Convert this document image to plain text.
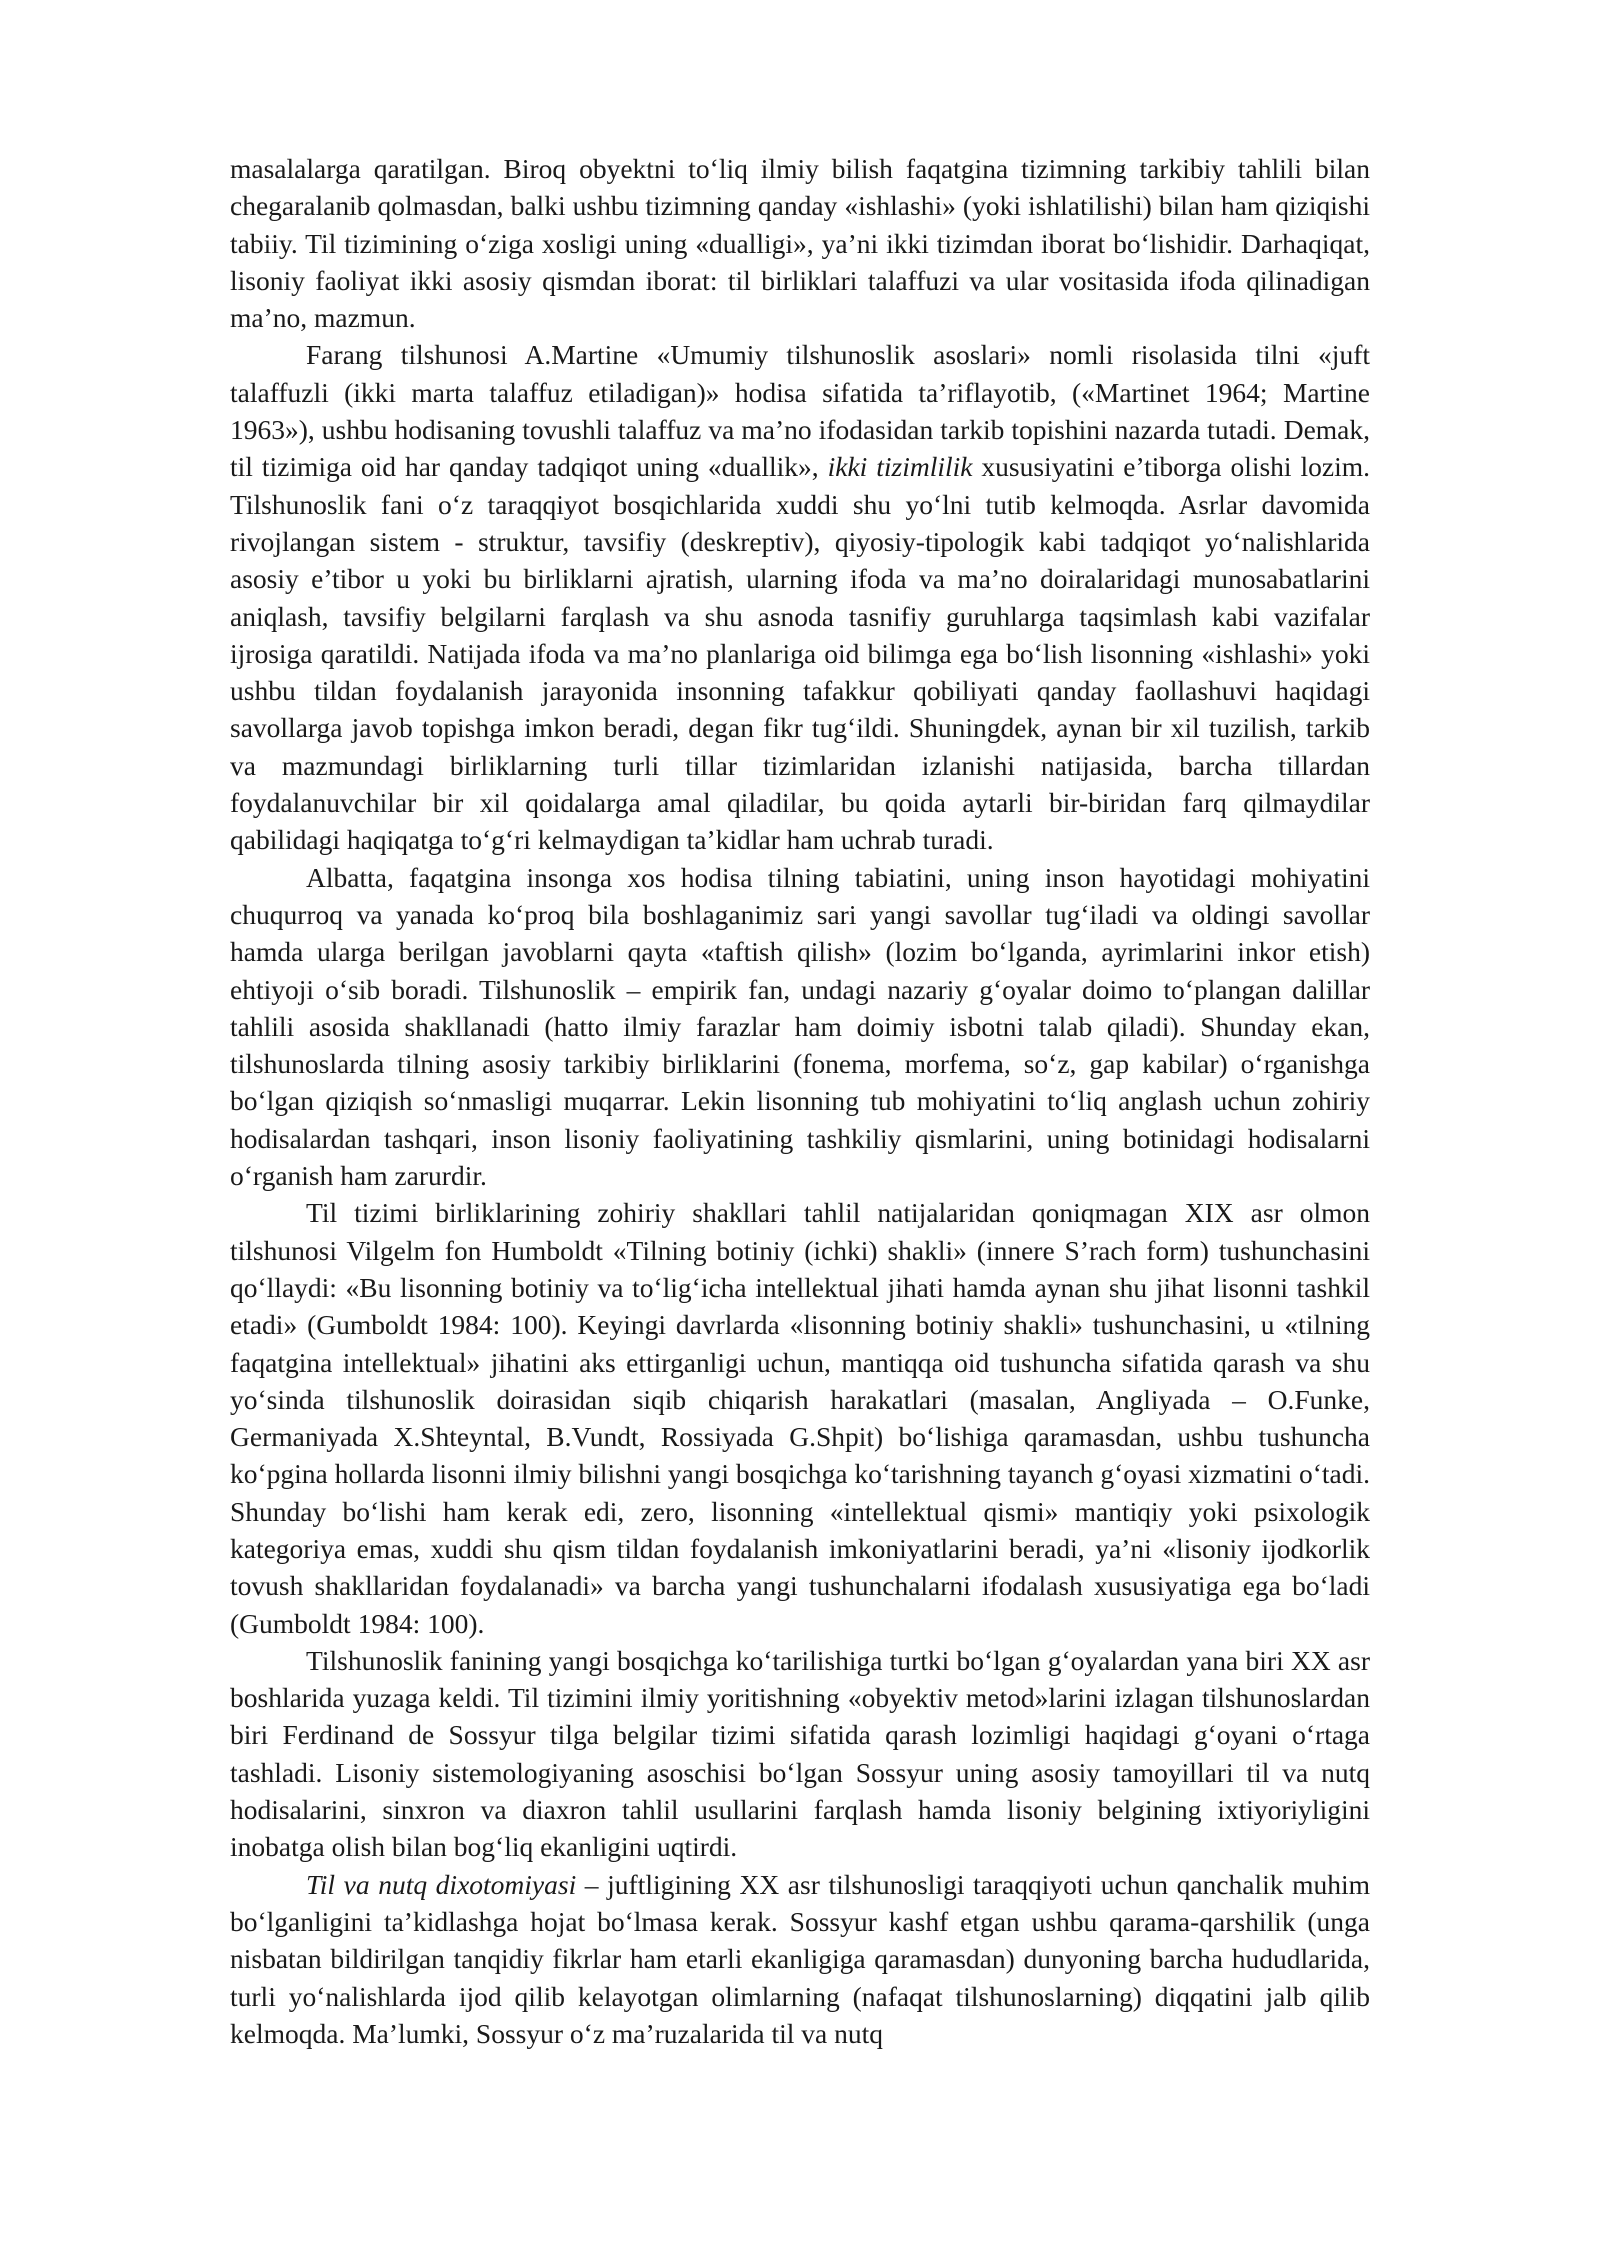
masalalarga qaratilgan. Biroq obyektni to‘liq ilmiy bilish faqatgina tizimning tarkibiy tahlili bilan chegaralanib qolmasdan, balki ushbu tizimning qanday «ishlashi» (yoki ishlatilishi) bilan ham qiziqishi tabiiy. Til tizimining o‘ziga xosligi uning «dualligi», ya’ni ikki tizimdan iborat bo‘lishidir. Darhaqiqat, lisoniy faoliyat ikki asosiy qismdan iborat: til birliklari talaffuzi va ular vositasida ifoda qilinadigan ma’no, mazmun.

Farang tilshunosi A.Martine «Umumiy tilshunoslik asoslari» nomli risolasida tilni «juft talaffuzli (ikki marta talaffuz etiladigan)» hodisa sifatida ta’riflayotib, («Martinet 1964; Martine 1963»), ushbu hodisaning tovushli talaffuz va ma’no ifodasidan tarkib topishini nazarda tutadi. Demak, til tizimiga oid har qanday tadqiqot uning «duallik», ikki tizimlilik xususiyatini e’tiborga olishi lozim. Tilshunoslik fani o‘z taraqqiyot bosqichlarida xuddi shu yo‘lni tutib kelmoqda. Asrlar davomida rivojlangan sistem - struktur, tavsifiy (deskreptiv), qiyosiy-tipologik kabi tadqiqot yo‘nalishlarida asosiy e’tibor u yoki bu birliklarni ajratish, ularning ifoda va ma’no doiralaridagi munosabatlarini aniqlash, tavsifiy belgilarni farqlash va shu asnoda tasnifiy guruhlarga taqsimlash kabi vazifalar ijrosiga qaratildi. Natijada ifoda va ma’no planlariga oid bilimga ega bo‘lish lisonning «ishlashi» yoki ushbu tildan foydalanish jarayonida insonning tafakkur qobiliyati qanday faollashuvi haqidagi savollarga javob topishga imkon beradi, degan fikr tug‘ildi. Shuningdek, aynan bir xil tuzilish, tarkib va mazmundagi birliklarning turli tillar tizimlaridan izlanishi natijasida, barcha tillardan foydalanuvchilar bir xil qoidalarga amal qiladilar, bu qoida aytarli bir-biridan farq qilmaydilar qabilidagi haqiqatga to‘g‘ri kelmaydigan ta’kidlar ham uchrab turadi.

Albatta, faqatgina insonga xos hodisa tilning tabiatini, uning inson hayotidagi mohiyatini chuqurroq va yanada ko‘proq bila boshlaganimiz sari yangi savollar tug‘iladi va oldingi savollar hamda ularga berilgan javoblarni qayta «taftish qilish» (lozim bo‘lganda, ayrimlarini inkor etish) ehtiyoji o‘sib boradi. Tilshunoslik – empirik fan, undagi nazariy g‘oyalar doimo to‘plangan dalillar tahlili asosida shakllanadi (hatto ilmiy farazlar ham doimiy isbotni talab qiladi). Shunday ekan, tilshunoslarda tilning asosiy tarkibiy birliklarini (fonema, morfema, so‘z, gap kabilar) o‘rganishga bo‘lgan qiziqish so‘nmasligi muqarrar. Lekin lisonning tub mohiyatini to‘liq anglash uchun zohiriy hodisalardan tashqari, inson lisoniy faoliyatining tashkiliy qismlarini, uning botinidagi hodisalarni o‘rganish ham zarurdir.

Til tizimi birliklarining zohiriy shakllari tahlil natijalaridan qoniqmagan XIX asr olmon tilshunosi Vilgelm fon Humboldt «Tilning botiniy (ichki) shakli» (innere S’rach form) tushunchasini qo‘llaydi: «Bu lisonning botiniy va to‘lig‘icha intellektual jihati hamda aynan shu jihat lisonni tashkil etadi» (Gumboldt 1984: 100). Keyingi davrlarda «lisonning botiniy shakli» tushunchasini, u «tilning faqatgina intellektual» jihatini aks ettirganligi uchun, mantiqqa oid tushuncha sifatida qarash va shu yo‘sinda tilshunoslik doirasidan siqib chiqarish harakatlari (masalan, Angliyada – O.Funke, Germaniyada X.Shteyntal, B.Vundt, Rossiyada G.Shpit) bo‘lishiga qaramasdan, ushbu tushuncha ko‘pgina hollarda lisonni ilmiy bilishni yangi bosqichga ko‘tarishning tayanch g‘oyasi xizmatini o‘tadi. Shunday bo‘lishi ham kerak edi, zero, lisonning «intellektual qismi» mantiqiy yoki psixologik kategoriya emas, xuddi shu qism tildan foydalanish imkoniyatlarini beradi, ya’ni «lisoniy ijodkorlik tovush shakllaridan foydalanadi» va barcha yangi tushunchalarni ifodalash xususiyatiga ega bo‘ladi (Gumboldt 1984: 100).

Tilshunoslik fanining yangi bosqichga ko‘tarilishiga turtki bo‘lgan g‘oyalardan yana biri XX asr boshlarida yuzaga keldi. Til tizimini ilmiy yoritishning «obyektiv metod»larini izlagan tilshunoslardan biri Ferdinand de Sossyur tilga belgilar tizimi sifatida qarash lozimligi haqidagi g‘oyani o‘rtaga tashladi. Lisoniy sistemologiyaning asoschisi bo‘lgan Sossyur uning asosiy tamoyillari til va nutq hodisalarini, sinxron va diaxron tahlil usullarini farqlash hamda lisoniy belgining ixtiyoriyligini inobatga olish bilan bog‘liq ekanligini uqtirdi.

Til va nutq dixotomiyasi – juftligining XX asr tilshunosligi taraqqiyoti uchun qanchalik muhim bo‘lganligini ta’kidlashga hojat bo‘lmasa kerak. Sossyur kashf etgan ushbu qarama-qarshilik (unga nisbatan bildirilgan tanqidiy fikrlar ham etarli ekanligiga qaramasdan) dunyoning barcha hududlarida, turli yo‘nalishlarda ijod qilib kelayotgan olimlarning (nafaqat tilshunoslarning) diqqatini jalb qilib kelmoqda. Ma’lumki, Sossyur o‘z ma’ruzalarida til va nutq
